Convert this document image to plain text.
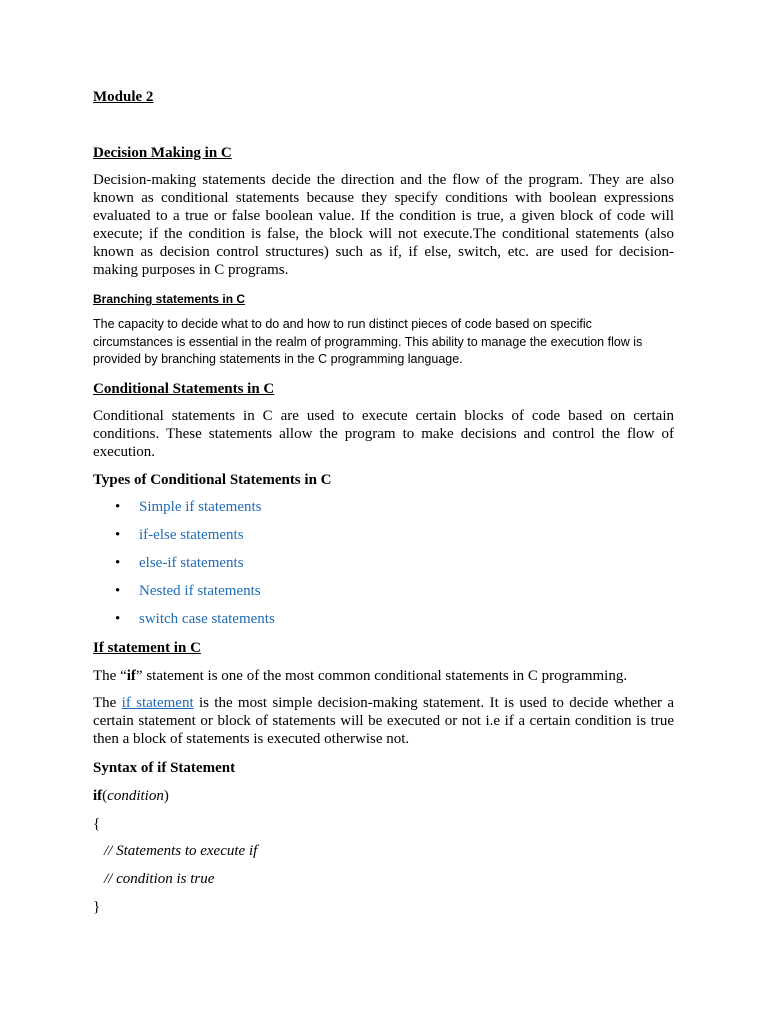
Module 2
Decision Making in C
Decision-making statements decide the direction and the flow of the program. They are also known as conditional statements because they specify conditions with boolean expressions evaluated to a true or false boolean value. If the condition is true, a given block of code will execute; if the condition is false, the block will not execute.The conditional statements (also known as decision control structures) such as if, if else, switch, etc. are used for decision-making purposes in C programs.
Branching statements in C
The capacity to decide what to do and how to run distinct pieces of code based on specific circumstances is essential in the realm of programming. This ability to manage the execution flow is provided by branching statements in the C programming language.
Conditional Statements in C
Conditional statements in C are used to execute certain blocks of code based on certain conditions. These statements allow the program to make decisions and control the flow of execution.
Types of Conditional Statements in C
• Simple if statements
• if-else statements
• else-if statements
• Nested if statements
• switch case statements
If statement in C
The “if” statement is one of the most common conditional statements in C programming.
The if statement is the most simple decision-making statement. It is used to decide whether a certain statement or block of statements will be executed or not i.e if a certain condition is true then a block of statements is executed otherwise not.
Syntax of if Statement
if(condition)
{
// Statements to execute if
// condition is true
}
